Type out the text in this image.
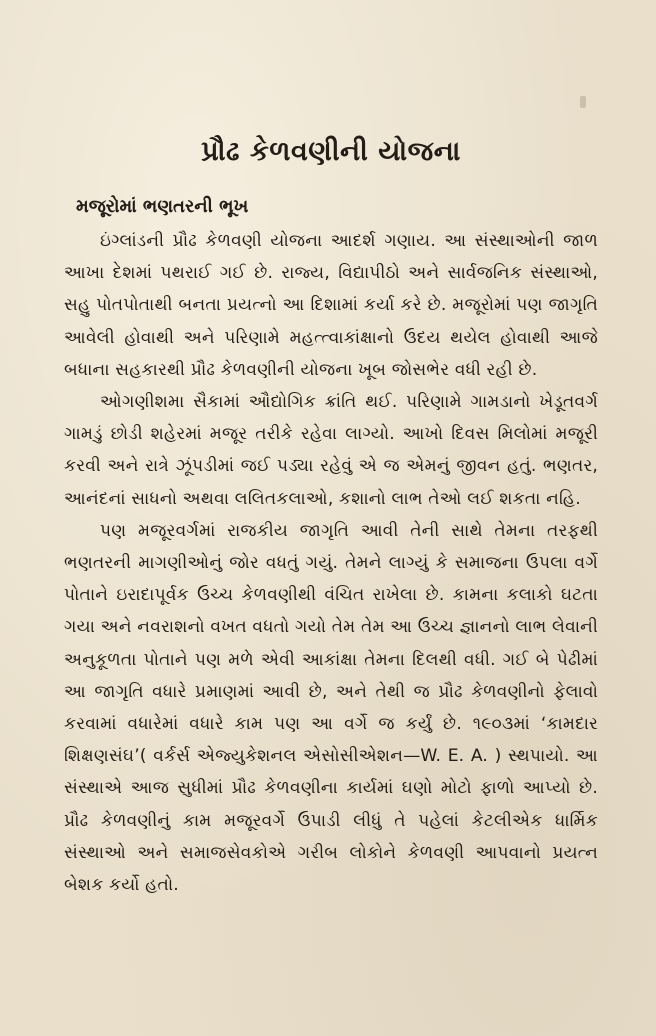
પ્રૌઢ કેળવણીની યોજના
મજૂરોમાં ભણતરની ભૂખ

ઇંગ્લાંડની પ્રૌઢ કેળવણી યોજના આદર્શ ગણાય. આ સંસ્થાઓની જાળ આખા દેશમાં પથરાઈ ગઈ છે. રાજ્ય, વિદ્યાપીઠો અને સાર્વજનિક સંસ્થાઓ, સહુ પોતપોતાથી બનતા પ્રયત્નો આ દિશામાં કર્યા કરે છે. મજૂરોમાં પણ જાગૃતિ આવેલી હોવાથી અને પરિણામે મહત્ત્વાકાંક્ષાનો ઉદય થયેલ હોવાથી આજે બધાના સહકારથી પ્રૌઢ કેળવણીની યોજના ખૂબ જોસભેર વધી રહી છે.

ઓગણીશમા સૈકામાં ઔદ્યોગિક ક્રાંતિ થઈ. પરિણામે ગામડાનો ખેડૂતવર્ગ ગામડું છોડી શહેરમાં મજૂર તરીકે રહેવા લાગ્યો. આખો દિવસ મિલોમાં મજૂરી કરવી અને રાત્રે ઝૂંપડીમાં જઈ પડ્યા રહેવું એ જ એમનું જીવન હતું. ભણતર, આનંદનાં સાધનો અથવા લલિતકલાઓ, કશાનો લાભ તેઓ લઈ શકતા નહિ.

પણ મજૂરવર્ગમાં રાજકીય જાગૃતિ આવી તેની સાથે તેમના તરફથી ભણતરની માગણીઓનું જોર વધતું ગયું. તેમને લાગ્યું કે સમાજના ઉપલા વર્ગે પોતાને ઇરાદાપૂર્વક ઉચ્ચ કેળવણીથી વંચિત રાખેલા છે. કામના કલાકો ઘટતા ગયા અને નવરાશનો વખત વધતો ગયો તેમ તેમ આ ઉચ્ચ જ્ઞાનનો લાભ લેવાની અનુકૂળતા પોતાને પણ મળે એવી આકાંક્ષા તેમના દિલથી વધી. ગઈ બે પેઢીમાં આ જાગૃતિ વધારે પ્રમાણમાં આવી છે, અને તેથી જ પ્રૌઢ કેળવણીનો ફેલાવો કરવામાં વધારેમાં વધારે કામ પણ આ વર્ગે જ કર્યું છે. ૧૯૦૩માં ‘કામદાર શિક્ષણસંઘ’( વર્કર્સ એજ્યુકેશનલ એસોસીએશન—W. E. A. ) સ્થપાયો. આ સંસ્થાએ આજ સુધીમાં પ્રૌઢ કેળવણીના કાર્યમાં ઘણો મોટો ફાળો આપ્યો છે. પ્રૌઢ કેળવણીનું કામ મજૂરવર્ગે ઉપાડી લીધું તે પહેલાં કેટલીએક ધાર્મિક સંસ્થાઓ અને સમાજસેવકોએ ગરીબ લોકોને કેળવણી આપવાનો પ્રયત્ન બેશક કર્યો હતો.
